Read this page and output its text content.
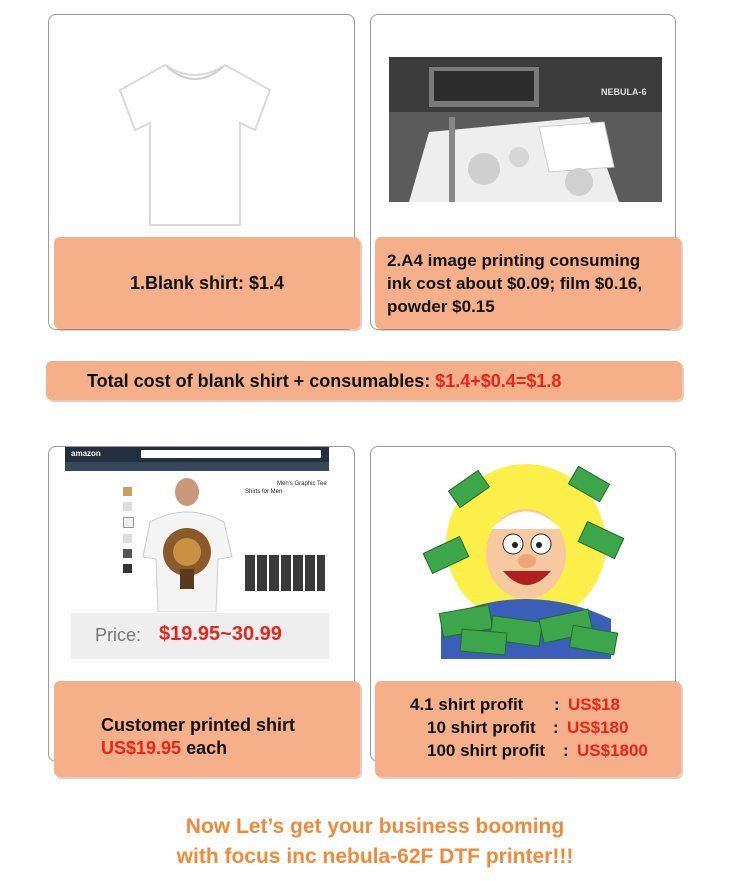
1.Blank shirt: $1.4
NEBULA-6
2.A4 image printing consuming
ink cost about $0.09; film $0.16,
powder $0.15
Total cost of blank shirt + consumables: $1.4+$0.4=$1.8
amazon
Men's Graphic Tee
Shirts for Men
Price: $19.95~30.99
Customer printed shirt
US$19.95 each
4.1 shirt profit : US$18
10 shirt profit : US$180
100 shirt profit : US$1800
Now Let’s get your business booming
with focus inc nebula-62F DTF printer!!!
